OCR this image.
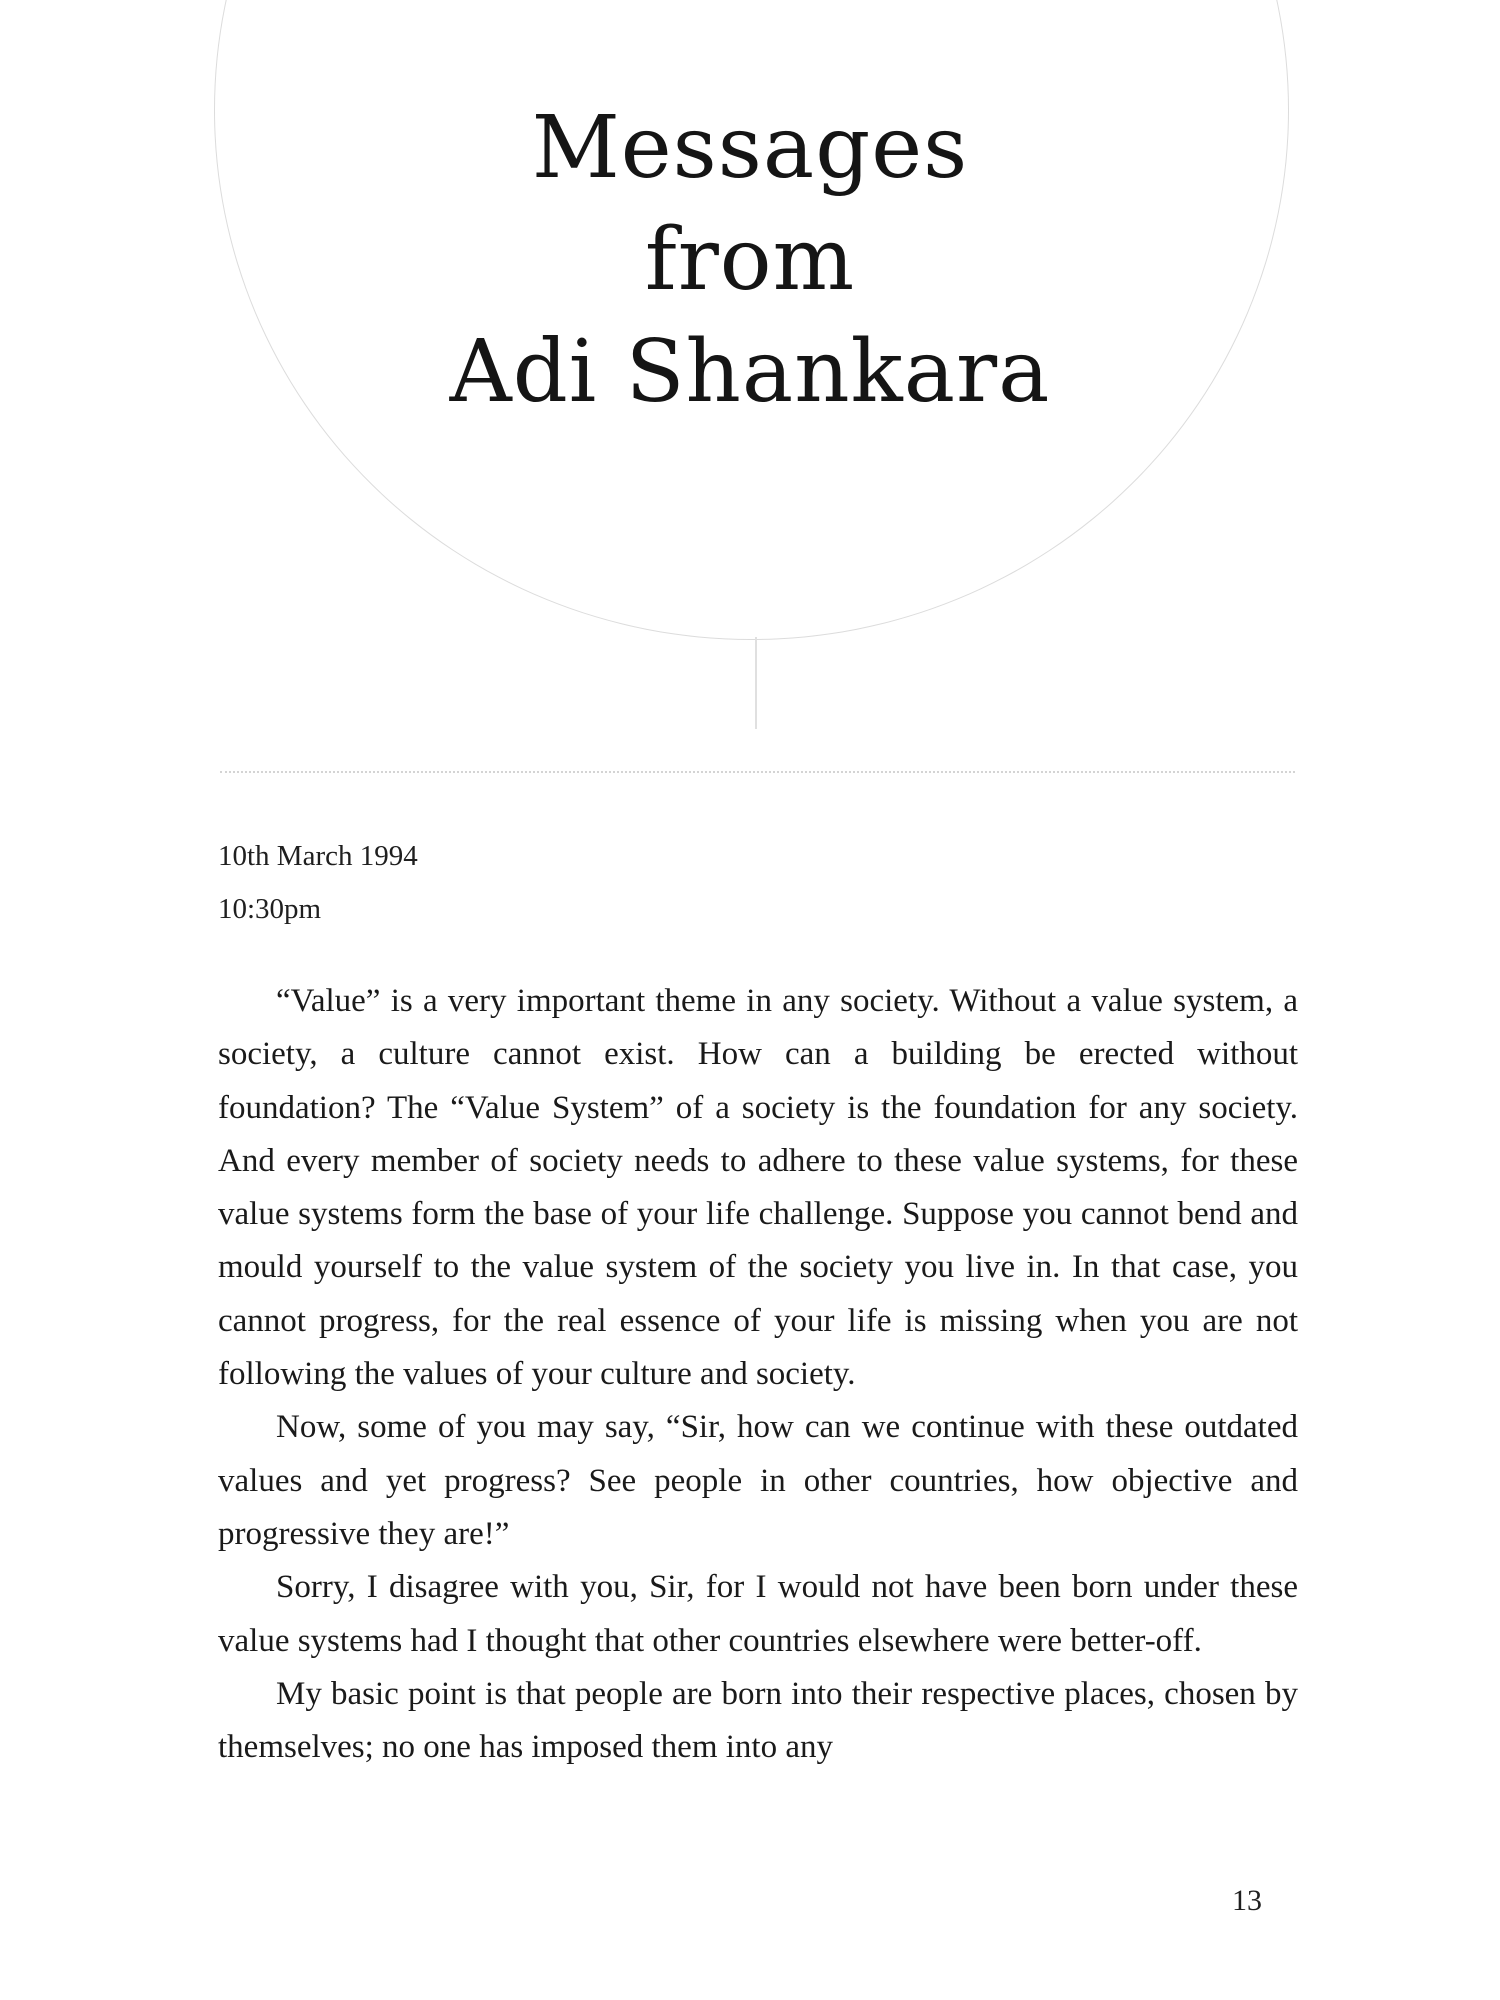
Messages
from
Adi Shankara
10th March 1994
10:30pm

“Value” is a very important theme in any society. Without a value system, a society, a culture cannot exist. How can a building be erected without foundation? The “Value System” of a society is the foundation for any society. And every member of society needs to adhere to these value systems, for these value systems form the base of your life challenge. Suppose you cannot bend and mould yourself to the value system of the society you live in. In that case, you cannot progress, for the real essence of your life is missing when you are not following the values of your culture and society.

Now, some of you may say, “Sir, how can we continue with these outdated values and yet progress? See people in other countries, how objective and progressive they are!”

Sorry, I disagree with you, Sir, for I would not have been born under these value systems had I thought that other countries elsewhere were better-off.

My basic point is that people are born into their respective places, chosen by themselves; no one has imposed them into any

13
